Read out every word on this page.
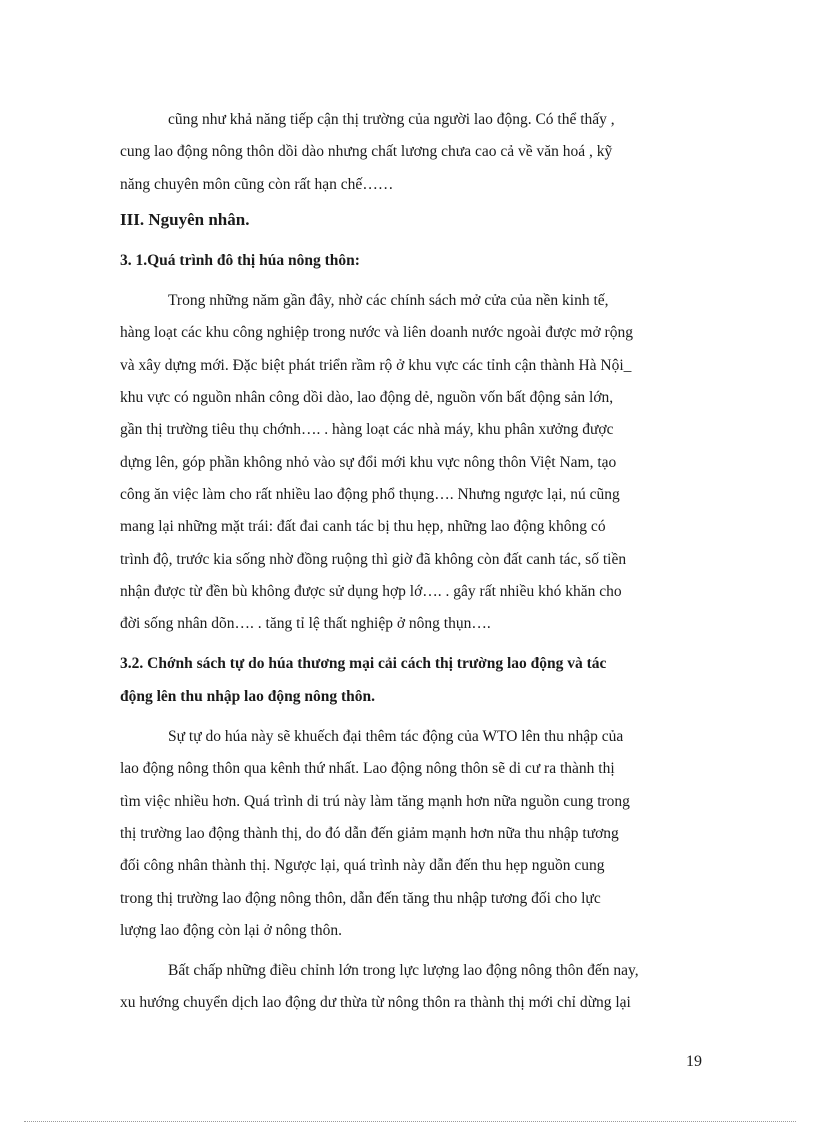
cũng như khả năng tiếp cận thị trường của người lao động. Có thể thấy ,
cung lao động nông thôn dồi dào nhưng chất lương chưa cao cả về văn hoá , kỹ
năng chuyên môn cũng còn rất hạn chế……
III. Nguyên nhân.
3. 1.Quá trình đô thị húa nông thôn:
Trong những năm gần đây, nhờ các chính sách mở cửa của nền kinh tế,
hàng loạt các khu công nghiệp trong nước và liên doanh nước ngoài được mở rộng
và xây dựng mới. Đặc biệt phát triển rầm rộ ở khu vực các tỉnh cận thành Hà Nội_
khu vực có nguồn nhân công dồi dào, lao động dẻ, nguồn vốn bất động sản lớn,
gần thị trường tiêu thụ chớnh…. . hàng loạt các nhà máy, khu phân xưởng được
dựng lên, góp phần không nhỏ vào sự đổi mới khu vực nông thôn Việt Nam, tạo
công ăn việc làm cho rất nhiều lao động phổ thụng…. Nhưng ngược lại, nú cũng
mang lại những mặt trái: đất đai canh tác bị thu hẹp, những lao động không có
trình độ, trước kia sống nhờ đồng ruộng thì giờ đã không còn đất canh tác, số tiền
nhận được từ đền bù không được sử dụng hợp lớ…. . gây rất nhiều khó khăn cho
đời sống nhân dõn…. . tăng tỉ lệ thất nghiệp ở nông thụn….
3.2. Chớnh sách tự do húa thương mại cải cách thị trường lao động và tác
động lên thu nhập lao động nông thôn.
Sự tự do húa này sẽ khuếch đại thêm tác động của WTO lên thu nhập của
lao động nông thôn qua kênh thứ nhất. Lao động nông thôn sẽ di cư ra thành thị
tìm việc nhiều hơn. Quá trình di trú này làm tăng mạnh hơn nữa nguồn cung trong
thị trường lao động thành thị, do đó dẫn đến giảm mạnh hơn nữa thu nhập tương
đối công nhân thành thị. Ngược lại, quá trình này dẫn đến thu hẹp nguồn cung
trong thị trường lao động nông thôn, dẫn đến tăng thu nhập tương đối cho lực
lượng lao động còn lại ở nông thôn.
Bất chấp những điều chỉnh lớn trong lực lượng lao động nông thôn đến nay,
xu hướng chuyển dịch lao động dư thừa từ nông thôn ra thành thị mới chỉ dừng lại
19
